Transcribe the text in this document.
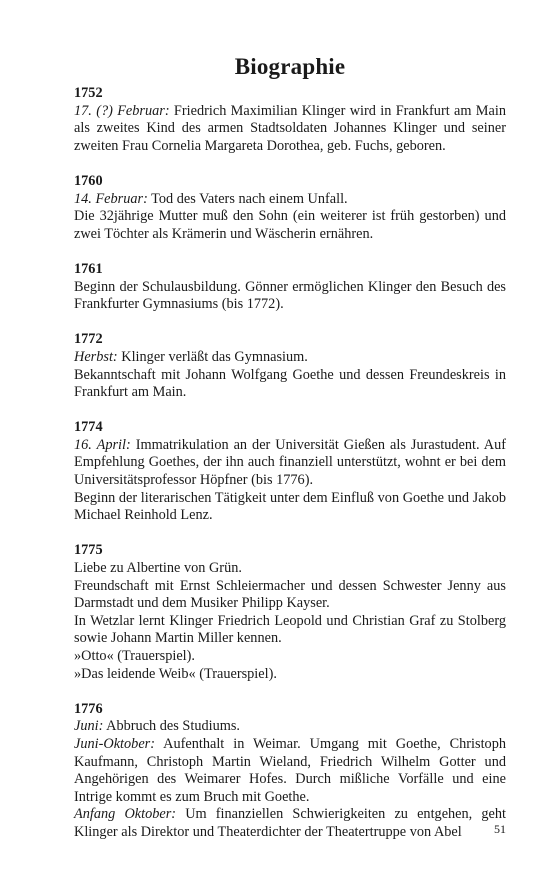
Biographie
1752

17. (?) Februar: Friedrich Maximilian Klinger wird in Frankfurt am Main als zweites Kind des armen Stadtsoldaten Johannes Klinger und seiner zweiten Frau Cornelia Margareta Dorothea, geb. Fuchs, geboren.

1760

14. Februar: Tod des Vaters nach einem Unfall.

Die 32jährige Mutter muß den Sohn (ein weiterer ist früh gestorben) und zwei Töchter als Krämerin und Wäscherin ernähren.

1761

Beginn der Schulausbildung. Gönner ermöglichen Klinger den Besuch des Frankfurter Gymnasiums (bis 1772).

1772

Herbst: Klinger verläßt das Gymnasium.

Bekanntschaft mit Johann Wolfgang Goethe und dessen Freundeskreis in Frankfurt am Main.

1774

16. April: Immatrikulation an der Universität Gießen als Jurastudent. Auf Empfehlung Goethes, der ihn auch finanziell unterstützt, wohnt er bei dem Universitätsprofessor Höpfner (bis 1776).

Beginn der literarischen Tätigkeit unter dem Einfluß von Goethe und Jakob Michael Reinhold Lenz.

1775

Liebe zu Albertine von Grün.

Freundschaft mit Ernst Schleiermacher und dessen Schwester Jenny aus Darmstadt und dem Musiker Philipp Kayser.

In Wetzlar lernt Klinger Friedrich Leopold und Christian Graf zu Stolberg sowie Johann Martin Miller kennen.

»Otto« (Trauerspiel).

»Das leidende Weib« (Trauerspiel).

1776

Juni: Abbruch des Studiums.

Juni-Oktober: Aufenthalt in Weimar. Umgang mit Goethe, Christoph Kaufmann, Christoph Martin Wieland, Friedrich Wilhelm Gotter und Angehörigen des Weimarer Hofes. Durch mißliche Vorfälle und eine Intrige kommt es zum Bruch mit Goethe.

Anfang Oktober: Um finanziellen Schwierigkeiten zu entgehen, geht Klinger als Direktor und Theaterdichter der Theatertruppe von Abel	51
